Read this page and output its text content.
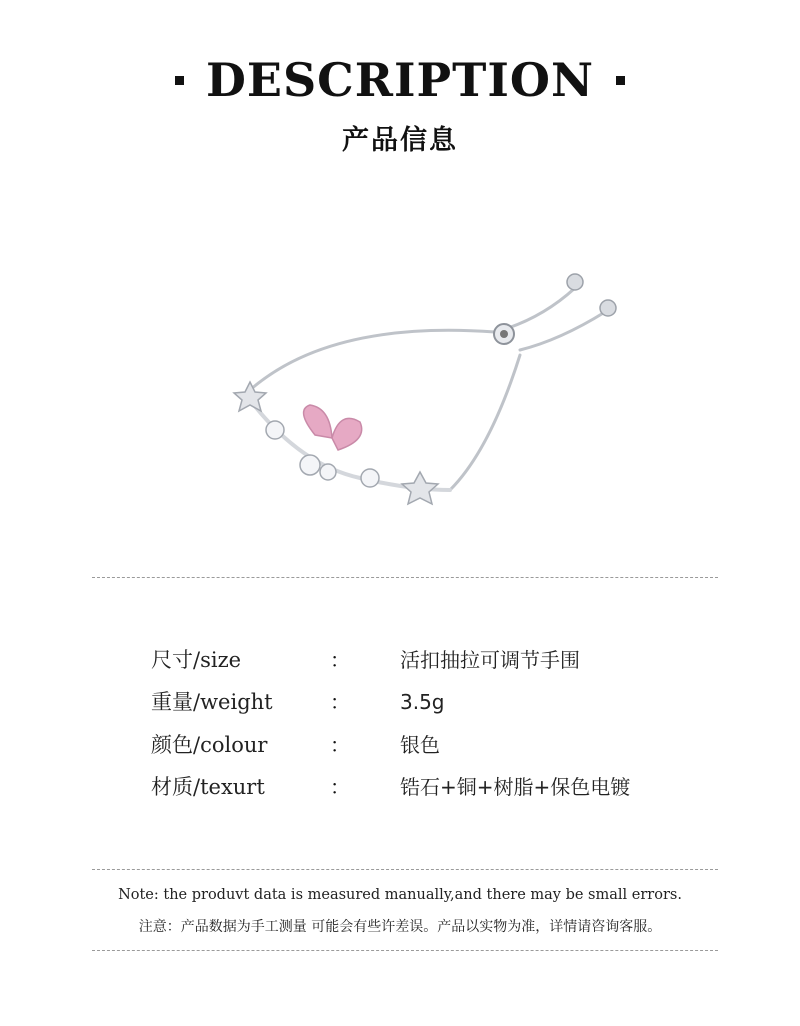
DESCRIPTION
产品信息
尺寸/size	：	活扣抽拉可调节手围
重量/weight	：	3.5g
颜色/colour	：	银色
材质/texurt	：	锆石+铜+树脂+保色电镀
Note: the produvt data is measured manually,and there may be small errors.
注意：产品数据为手工测量 可能会有些许差误。产品以实物为准，详情请咨询客服。
